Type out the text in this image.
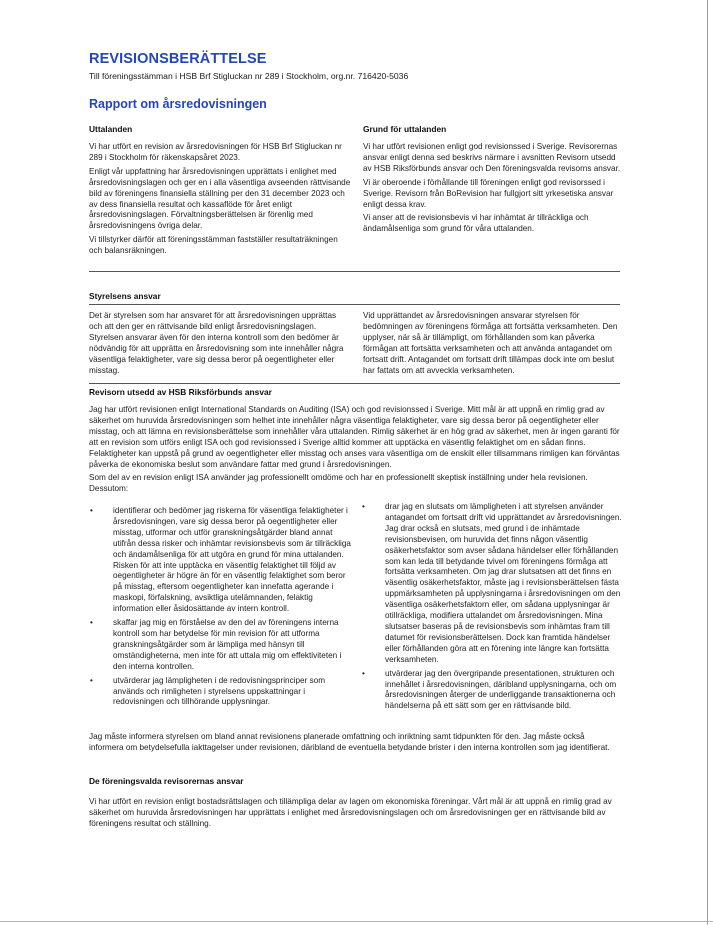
REVISIONSBERÄTTELSE
Till föreningsstämman i HSB Brf Stigluckan nr 289 i Stockholm, org.nr. 716420-5036
Rapport om årsredovisningen
Uttalanden

Vi har utfört en revision av årsredovisningen för HSB Brf Stigluckan nr 289 i Stockholm för räkenskapsåret 2023.

Enligt vår uppfattning har årsredovisningen upprättats i enlighet med årsredovisningslagen och ger en i alla väsentliga avseenden rättvisande bild av föreningens finansiella ställning per den 31 december 2023 och av dess finansiella resultat och kassaflöde för året enligt årsredovisningslagen. Förvaltningsberättelsen är förenlig med årsredovisningens övriga delar.

Vi tillstyrker därför att föreningsstämman fastställer resultaträkningen och balansräkningen.

Grund för uttalanden

Vi har utfört revisionen enligt god revisionssed i Sverige. Revisorernas ansvar enligt denna sed beskrivs närmare i avsnitten Revisorn utsedd av HSB Riksförbunds ansvar och Den föreningsvalda revisorns ansvar.

Vi är oberoende i förhållande till föreningen enligt god revisorssed i Sverige. Revisorn från BoRevision har fullgjort sitt yrkesetiska ansvar enligt dessa krav.

Vi anser att de revisionsbevis vi har inhämtat är tillräckliga och ändamålsenliga som grund för våra uttalanden.

Styrelsens ansvar

Det är styrelsen som har ansvaret för att årsredovisningen upprättas och att den ger en rättvisande bild enligt årsredovisningslagen. Styrelsen ansvarar även för den interna kontroll som den bedömer är nödvändig för att upprätta en årsredovisning som inte innehåller några väsentliga felaktigheter, vare sig dessa beror på oegentligheter eller misstag.

Vid upprättandet av årsredovisningen ansvarar styrelsen för bedömningen av föreningens förmåga att fortsätta verksamheten. Den upplyser, när så är tillämpligt, om förhållanden som kan påverka förmågan att fortsätta verksamheten och att använda antagandet om fortsatt drift. Antagandet om fortsatt drift tillämpas dock inte om beslut har fattats om att avveckla verksamheten.

Revisorn utsedd av HSB Riksförbunds ansvar

Jag har utfört revisionen enligt International Standards on Auditing (ISA) och god revisionssed i Sverige. Mitt mål är att uppnå en rimlig grad av säkerhet om huruvida årsredovisningen som helhet inte innehåller några väsentliga felaktigheter, vare sig dessa beror på oegentligheter eller misstag, och att lämna en revisionsberättelse som innehåller våra uttalanden. Rimlig säkerhet är en hög grad av säkerhet, men är ingen garanti för att en revision som utförs enligt ISA och god revisionssed i Sverige alltid kommer att upptäcka en väsentlig felaktighet om en sådan finns. Felaktigheter kan uppstå på grund av oegentligheter eller misstag och anses vara väsentliga om de enskilt eller tillsammans rimligen kan förväntas påverka de ekonomiska beslut som användare fattar med grund i årsredovisningen.

Som del av en revision enligt ISA använder jag professionellt omdöme och har en professionellt skeptisk inställning under hela revisionen. Dessutom:

• identifierar och bedömer jag riskerna för väsentliga felaktigheter i årsredovisningen, vare sig dessa beror på oegentligheter eller misstag, utformar och utför granskningsåtgärder bland annat utifrån dessa risker och inhämtar revisionsbevis som är tillräckliga och ändamålsenliga för att utgöra en grund för mina uttalanden. Risken för att inte upptäcka en väsentlig felaktighet till följd av oegentligheter är högre än för en väsentlig felaktighet som beror på misstag, eftersom oegentligheter kan innefatta agerande i maskopi, förfalskning, avsiktliga utelämnanden, felaktig information eller åsidosättande av intern kontroll.
• skaffar jag mig en förståelse av den del av föreningens interna kontroll som har betydelse för min revision för att utforma granskningsåtgärder som är lämpliga med hänsyn till omständigheterna, men inte för att uttala mig om effektiviteten i den interna kontrollen.
• utvärderar jag lämpligheten i de redovisningsprinciper som används och rimligheten i styrelsens uppskattningar i redovisningen och tillhörande upplysningar.
• drar jag en slutsats om lämpligheten i att styrelsen använder antagandet om fortsatt drift vid upprättandet av årsredovisningen. Jag drar också en slutsats, med grund i de inhämtade revisionsbevisen, om huruvida det finns någon väsentlig osäkerhetsfaktor som avser sådana händelser eller förhållanden som kan leda till betydande tvivel om föreningens förmåga att fortsätta verksamheten. Om jag drar slutsatsen att det finns en väsentlig osäkerhetsfaktor, måste jag i revisionsberättelsen fästa uppmärksamheten på upplysningarna i årsredovisningen om den väsentliga osäkerhetsfaktorn eller, om sådana upplysningar är otillräckliga, modifiera uttalandet om årsredovisningen. Mina slutsatser baseras på de revisionsbevis som inhämtas fram till datumet för revisionsberättelsen. Dock kan framtida händelser eller förhållanden göra att en förening inte längre kan fortsätta verksamheten.
• utvärderar jag den övergripande presentationen, strukturen och innehållet i årsredovisningen, däribland upplysningarna, och om årsredovisningen återger de underliggande transaktionerna och händelserna på ett sätt som ger en rättvisande bild.

Jag måste informera styrelsen om bland annat revisionens planerade omfattning och inriktning samt tidpunkten för den. Jag måste också informera om betydelsefulla iakttagelser under revisionen, däribland de eventuella betydande brister i den interna kontrollen som jag identifierat.

De föreningsvalda revisorernas ansvar

Vi har utfört en revision enligt bostadsrättslagen och tillämpliga delar av lagen om ekonomiska föreningar. Vårt mål är att uppnå en rimlig grad av säkerhet om huruvida årsredovisningen har upprättats i enlighet med årsredovisningslagen och om årsredovisningen ger en rättvisande bild av föreningens resultat och ställning.
